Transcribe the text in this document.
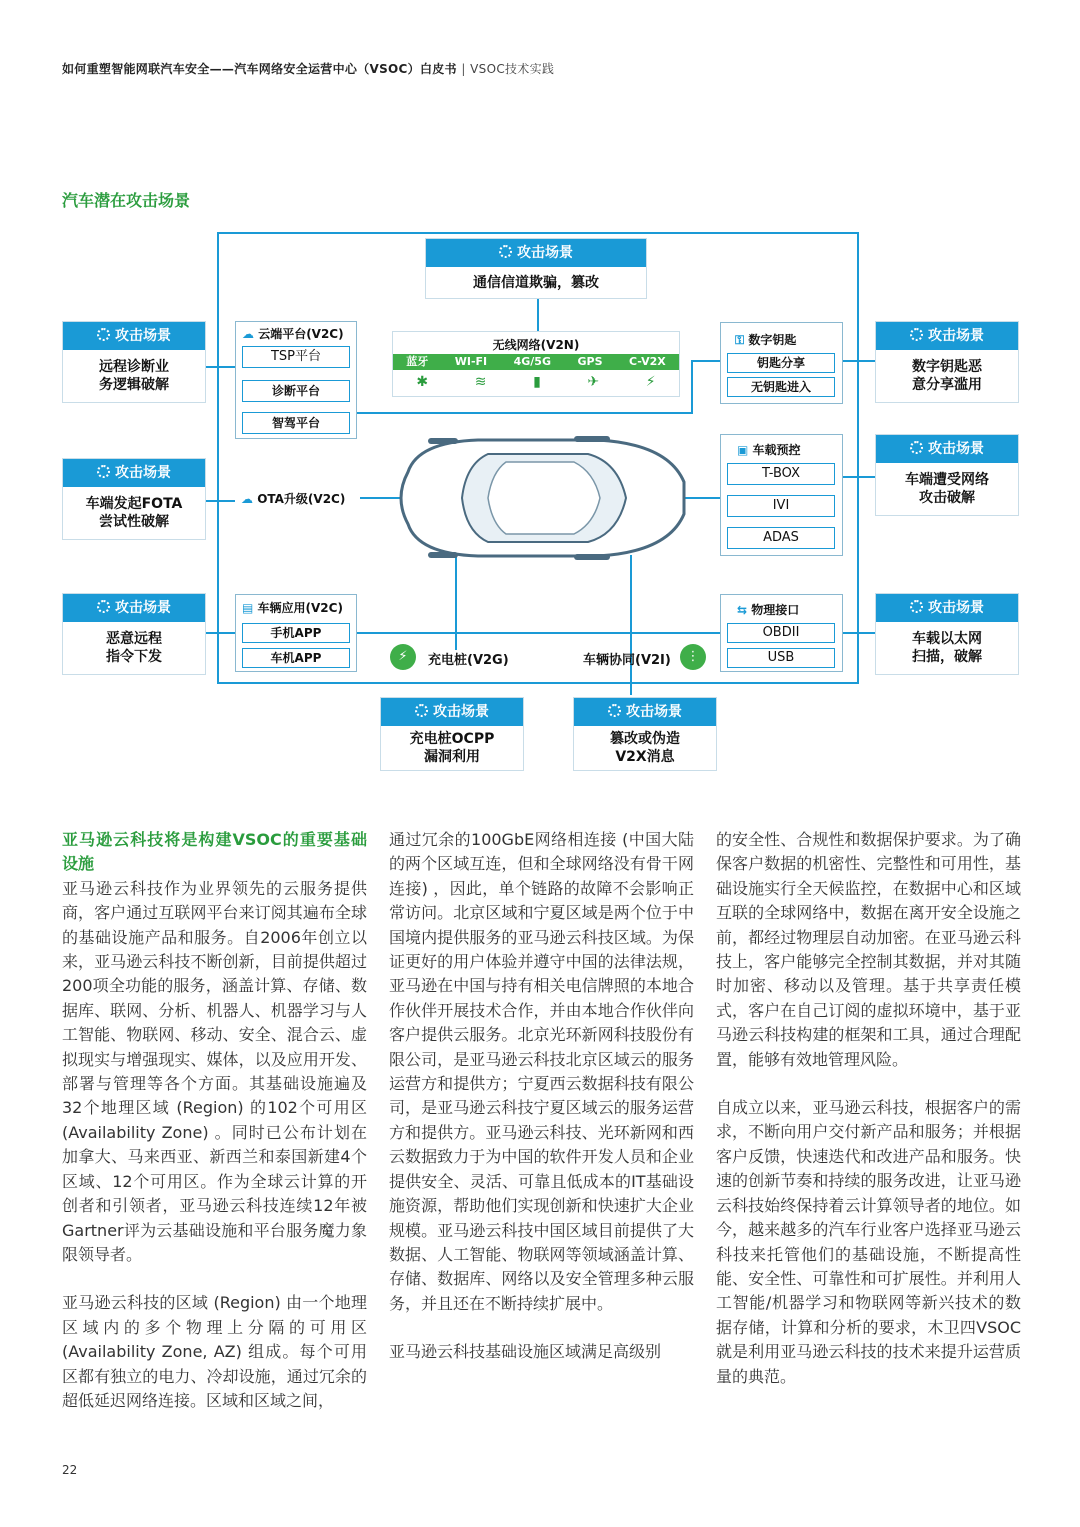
如何重塑智能网联汽车安全——汽车网络安全运营中心（VSOC）白皮书 | VSOC技术实践
汽车潜在攻击场景
攻击场景
通信信道欺骗，篡改
攻击场景
远程诊断业
务逻辑破解
攻击场景
车端发起FOTA
尝试性破解
攻击场景
恶意远程
指令下发
攻击场景
数字钥匙恶
意分享滥用
攻击场景
车端遭受网络
攻击破解
攻击场景
车载以太网
扫描，破解
攻击场景
充电桩OCPP
漏洞利用
攻击场景
篡改或伪造
V2X消息
☁ 云端平台(V2C)
TSP平台
诊断平台
智驾平台
☁ OTA升级(V2C)
▤ 车辆应用(V2C)
手机APP
车机APP
无线网络(V2N)
蓝牙 WI-FI 4G/5G GPS C-V2X
✱	≋	▮	✈	⚡
⚿ 数字钥匙
钥匙分享
无钥匙进入
▣ 车载预控
T-BOX
IVI
ADAS
⇆ 物理接口
OBDII
USB
⚡	充电桩(V2G)	车辆协同(V2I)	⋮
亚马逊云科技将是构建VSOC的重要基础设施

亚马逊云科技作为业界领先的云服务提供商，客户通过互联网平台来订阅其遍布全球的基础设施产品和服务。自2006年创立以来，亚马逊云科技不断创新，目前提供超过200项全功能的服务，涵盖计算、存储、数据库、联网、分析、机器人、机器学习与人工智能、物联网、移动、安全、混合云、虚拟现实与增强现实、媒体，以及应用开发、部署与管理等各个方面。其基础设施遍及32个地理区域 (Region) 的102个可用区 (Availability Zone) 。同时已公布计划在加拿大、马来西亚、新西兰和泰国新建4个区域、12个可用区。作为全球云计算的开创者和引领者，亚马逊云科技连续12年被Gartner评为云基础设施和平台服务魔力象限领导者。

亚马逊云科技的区域 (Region) 由一个地理区域内的多个物理上分隔的可用区 (Availability Zone, AZ) 组成。每个可用区都有独立的电力、冷却设施，通过冗余的超低延迟网络连接。区域和区域之间，

通过冗余的100GbE网络相连接 (中国大陆的两个区域互连，但和全球网络没有骨干网连接) ，因此，单个链路的故障不会影响正常访问。北京区域和宁夏区域是两个位于中国境内提供服务的亚马逊云科技区域。为保证更好的用户体验并遵守中国的法律法规，亚马逊在中国与持有相关电信牌照的本地合作伙伴开展技术合作，并由本地合作伙伴向客户提供云服务。北京光环新网科技股份有限公司，是亚马逊云科技北京区域云的服务运营方和提供方；宁夏西云数据科技有限公司，是亚马逊云科技宁夏区域云的服务运营方和提供方。亚马逊云科技、光环新网和西云数据致力于为中国的软件开发人员和企业提供安全、灵活、可靠且低成本的IT基础设施资源，帮助他们实现创新和快速扩大企业规模。亚马逊云科技中国区域目前提供了大数据、人工智能、物联网等领域涵盖计算、存储、数据库、网络以及安全管理多种云服务，并且还在不断持续扩展中。

亚马逊云科技基础设施区域满足高级别

的安全性、合规性和数据保护要求。为了确保客户数据的机密性、完整性和可用性，基础设施实行全天候监控，在数据中心和区域互联的全球网络中，数据在离开安全设施之前，都经过物理层自动加密。在亚马逊云科技上，客户能够完全控制其数据，并对其随时加密、移动以及管理。基于共享责任模式，客户在自己订阅的虚拟环境中，基于亚马逊云科技构建的框架和工具，通过合理配置，能够有效地管理风险。

自成立以来，亚马逊云科技，根据客户的需求，不断向用户交付新产品和服务；并根据客户反馈，快速迭代和改进产品和服务。快速的创新节奏和持续的服务改进，让亚马逊云科技始终保持着云计算领导者的地位。如今，越来越多的汽车行业客户选择亚马逊云科技来托管他们的基础设施，不断提高性能、安全性、可靠性和可扩展性。并利用人工智能/机器学习和物联网等新兴技术的数据存储，计算和分析的要求，木卫四VSOC就是利用亚马逊云科技的技术来提升运营质量的典范。

22
